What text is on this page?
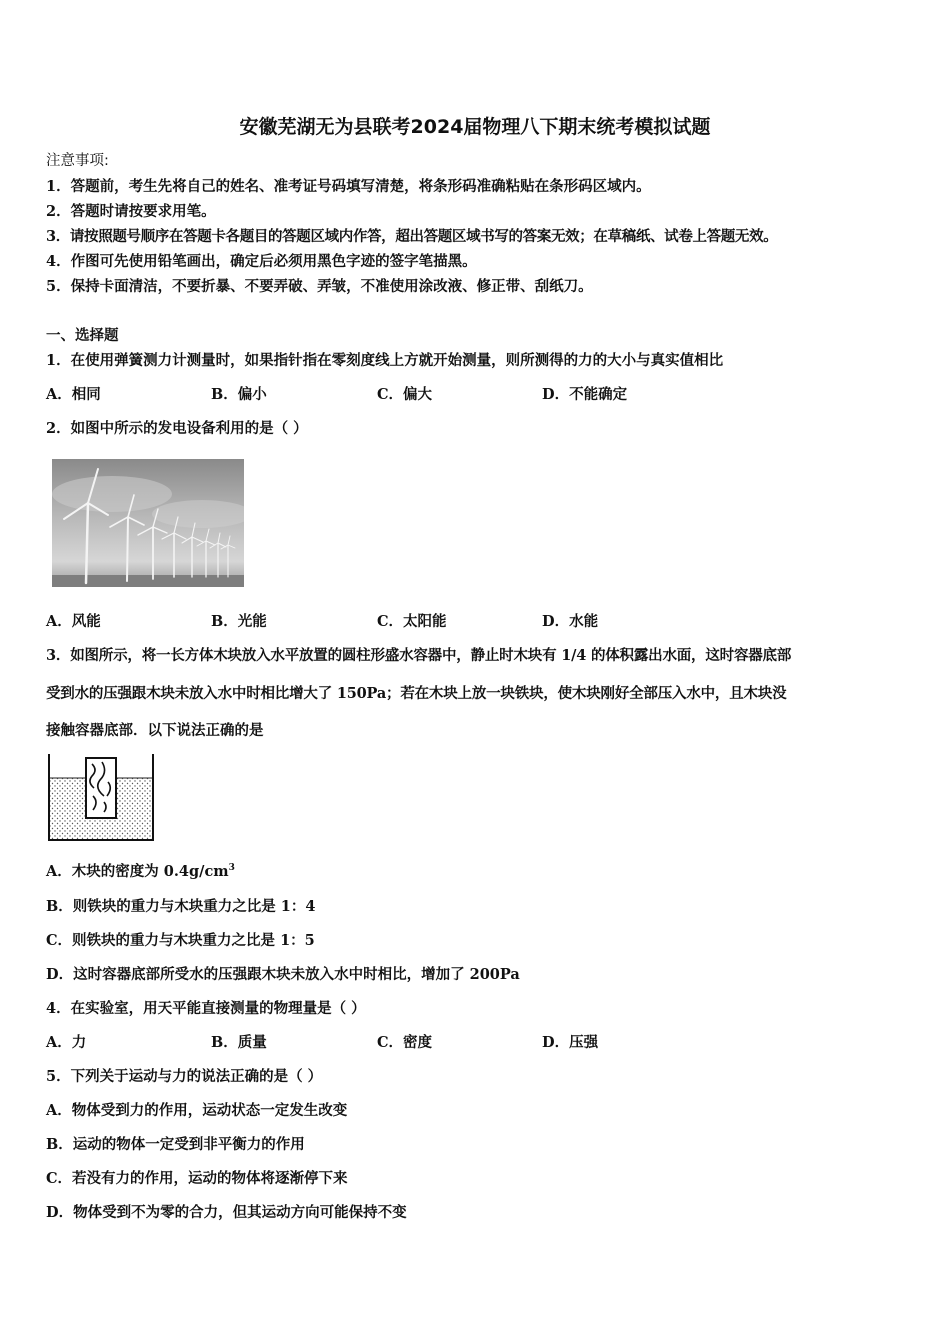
安徽芜湖无为县联考2024届物理八下期末统考模拟试题
注意事项:
1．答题前，考生先将自己的姓名、准考证号码填写清楚，将条形码准确粘贴在条形码区域内。
2．答题时请按要求用笔。
3．请按照题号顺序在答题卡各题目的答题区域内作答，超出答题区域书写的答案无效；在草稿纸、试卷上答题无效。
4．作图可先使用铅笔画出，确定后必须用黑色字迹的签字笔描黑。
5．保持卡面清洁，不要折暴、不要弄破、弄皱，不准使用涂改液、修正带、刮纸刀。
一、选择题
1．在使用弹簧测力计测量时，如果指针指在零刻度线上方就开始测量，则所测得的力的大小与真实值相比
A．相同	B．偏小	C．偏大	D．不能确定
2．如图中所示的发电设备利用的是（ ）
A．风能	B．光能	C．太阳能	D．水能
3．如图所示，将一长方体木块放入水平放置的圆柱形盛水容器中，静止时木块有 1/4 的体积露出水面，这时容器底部
受到水的压强跟木块未放入水中时相比增大了 150Pa；若在木块上放一块铁块，使木块刚好全部压入水中，且木块没
接触容器底部．以下说法正确的是
A．木块的密度为 $0.4g/cm^3$
B．则铁块的重力与木块重力之比是 1：4
C．则铁块的重力与木块重力之比是 1：5
D．这时容器底部所受水的压强跟木块未放入水中时相比，增加了 200Pa
4．在实验室，用天平能直接测量的物理量是（ ）
A．力	B．质量	C．密度	D．压强
5．下列关于运动与力的说法正确的是（ ）
A．物体受到力的作用，运动状态一定发生改变
B．运动的物体一定受到非平衡力的作用
C．若没有力的作用，运动的物体将逐渐停下来
D．物体受到不为零的合力，但其运动方向可能保持不变
